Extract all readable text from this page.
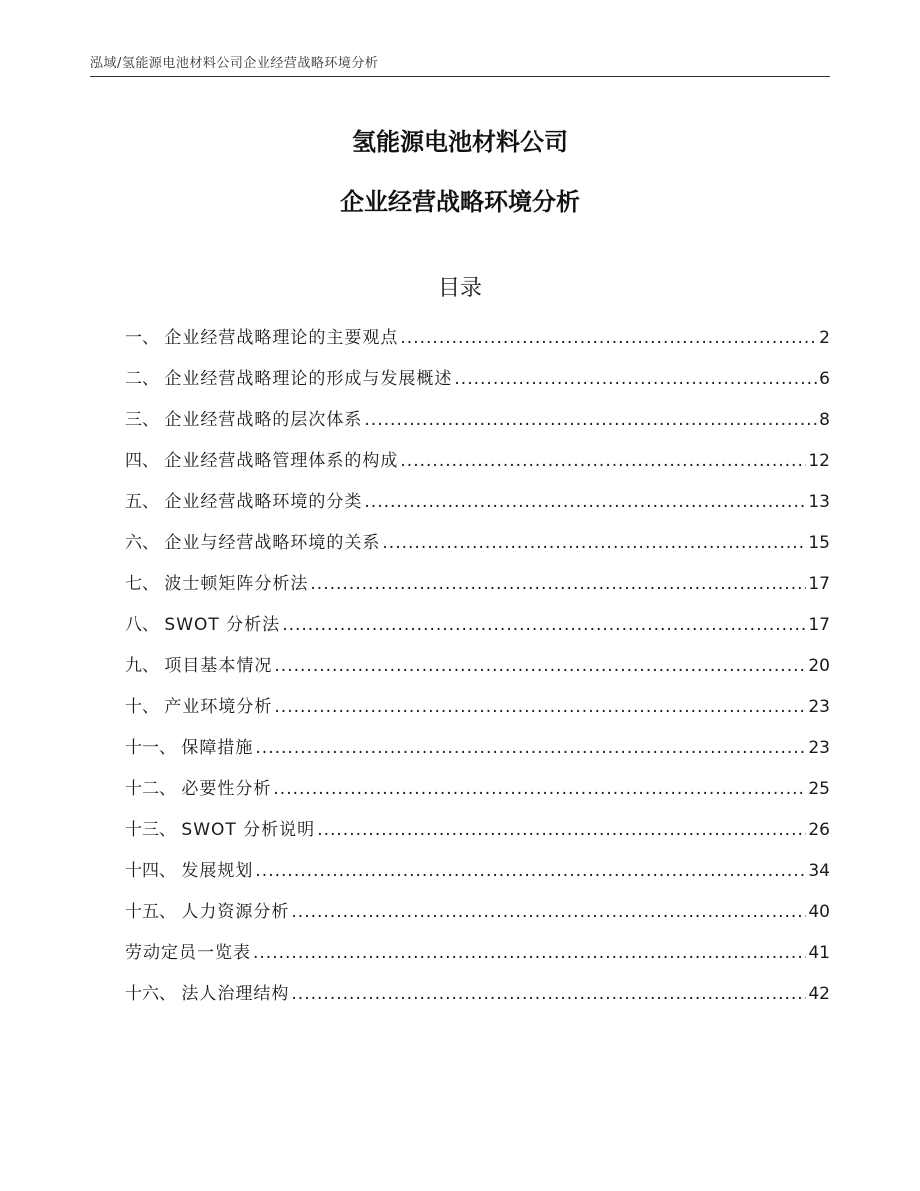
泓域/氢能源电池材料公司企业经营战略环境分析
氢能源电池材料公司
企业经营战略环境分析
目录
一、 企业经营战略理论的主要观点 .....	2
二、 企业经营战略理论的形成与发展概述 .....	6
三、 企业经营战略的层次体系 .....	8
四、 企业经营战略管理体系的构成 .....	12
五、 企业经营战略环境的分类 .....	13
六、 企业与经营战略环境的关系 .....	15
七、 波士顿矩阵分析法 .....	17
八、 SWOT 分析法 .....	17
九、 项目基本情况 .....	20
十、 产业环境分析 .....	23
十一、 保障措施 .....	23
十二、 必要性分析 .....	25
十三、 SWOT 分析说明 .....	26
十四、 发展规划 .....	34
十五、 人力资源分析 .....	40
劳动定员一览表 .....	41
十六、 法人治理结构 .....	42
